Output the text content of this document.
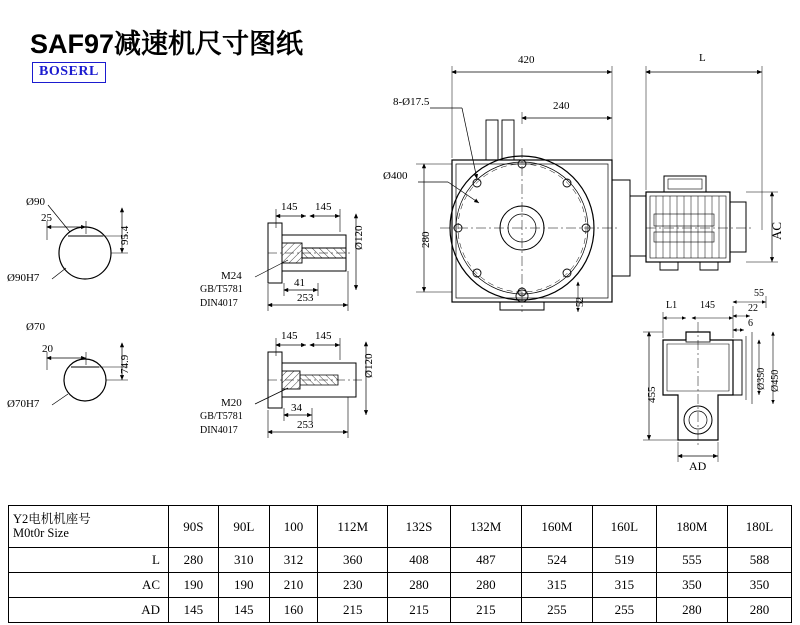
SAF97减速机尺寸图纸
BOSERL
420	L
8-Ø17.5	240
Ø400
280
52
AC
Ø90
25
95.4
Ø90H7
Ø70
20
74.9
Ø70H7
145 145
Ø120
M24
GB/T5781
DIN4017
41
253
145 145
Ø120
M20
GB/T5781
DIN4017
34
253
L1 145
55
22
6
455
Ø350 Ø450
AD
Y2电机机座号
M0t0r Size	90S	90L	100	112M	132S	132M	160M	160L	180M	180L
L	280	310	312	360	408	487	524	519	555	588
AC	190	190	210	230	280	280	315	315	350	350
AD	145	145	160	215	215	215	255	255	280	280
